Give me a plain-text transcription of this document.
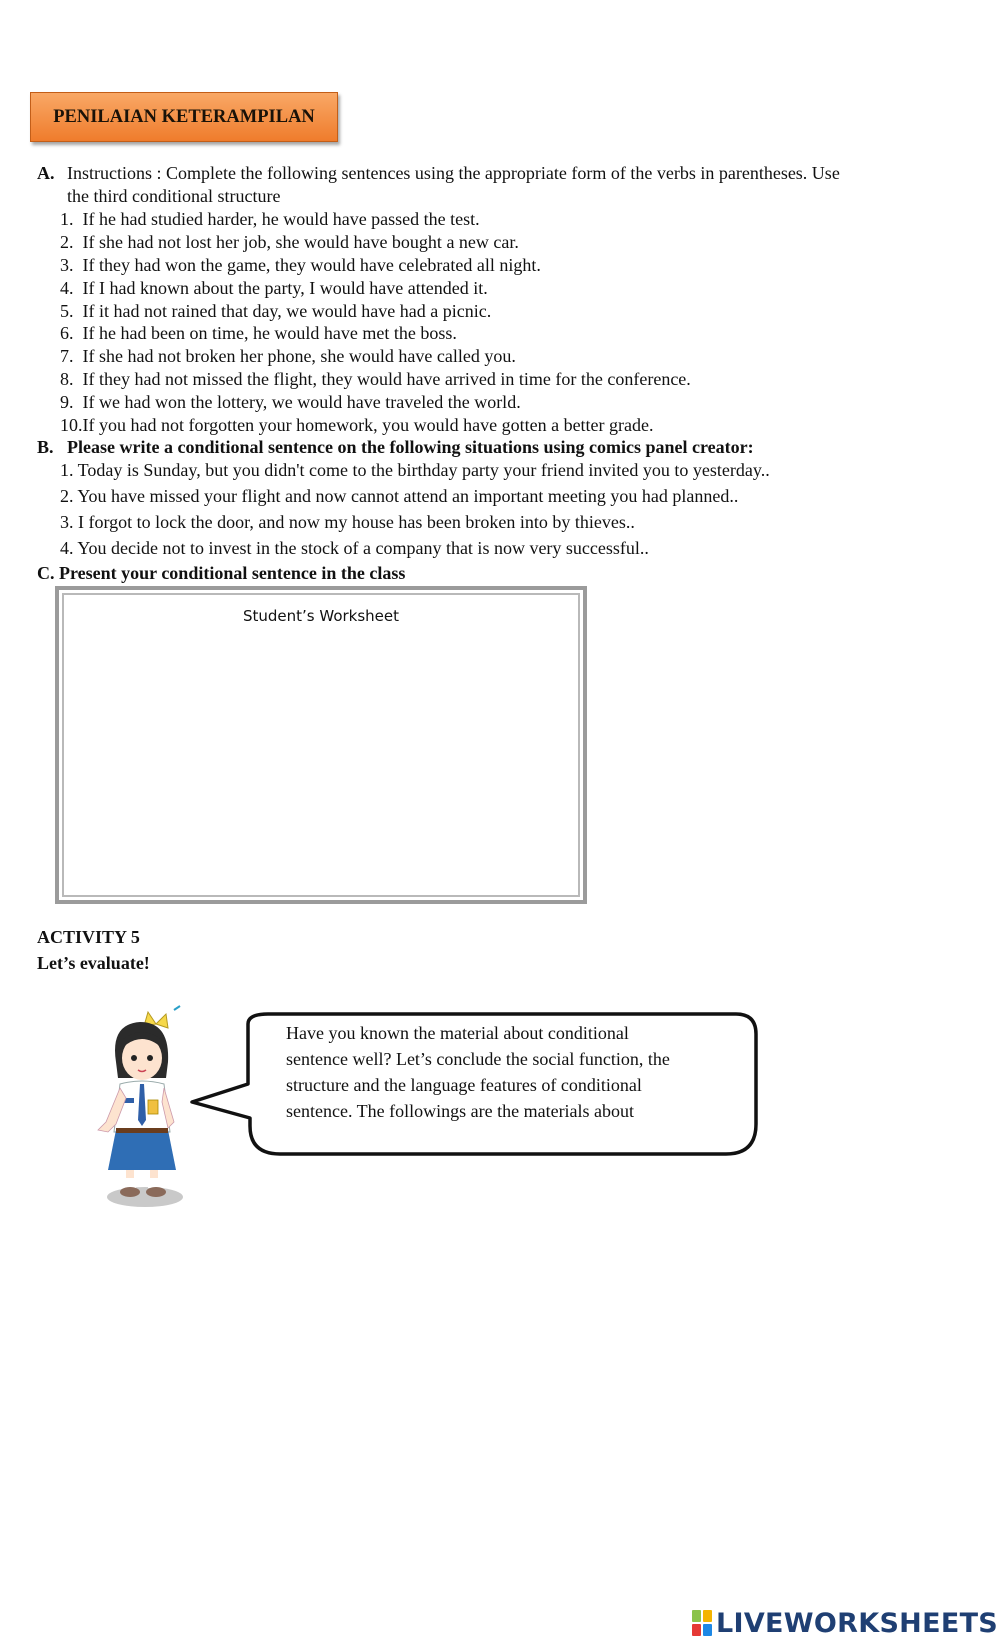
PENILAIAN KETERAMPILAN
A. Instructions : Complete the following sentences using the appropriate form of the verbs in parentheses. Use
the third conditional structure
1.  If he had studied harder, he would have passed the test.
2.  If she had not lost her job, she would have bought a new car.
3.  If they had won the game, they would have celebrated all night.
4.  If I had known about the party, I would have attended it.
5.  If it had not rained that day, we would have had a picnic.
6.  If he had been on time, he would have met the boss.
7.  If she had not broken her phone, she would have called you.
8.  If they had not missed the flight, they would have arrived in time for the conference.
9.  If we had won the lottery, we would have traveled the world.
10.If you had not forgotten your homework, you would have gotten a better grade.
B. Please write a conditional sentence on the following situations using comics panel creator:
1. Today is Sunday, but you didn't come to the birthday party your friend invited you to yesterday..
2. You have missed your flight and now cannot attend an important meeting you had planned..
3. I forgot to lock the door, and now my house has been broken into by thieves..
4. You decide not to invest in the stock of a company that is now very successful..
C. Present your conditional sentence in the class
Student’s Worksheet
ACTIVITY 5
Let’s evaluate!
Have you known the material about conditional
sentence well? Let’s conclude the social function, the
structure and the language features of conditional
sentence. The followings are the materials about
LIVEWORKSHEETS
